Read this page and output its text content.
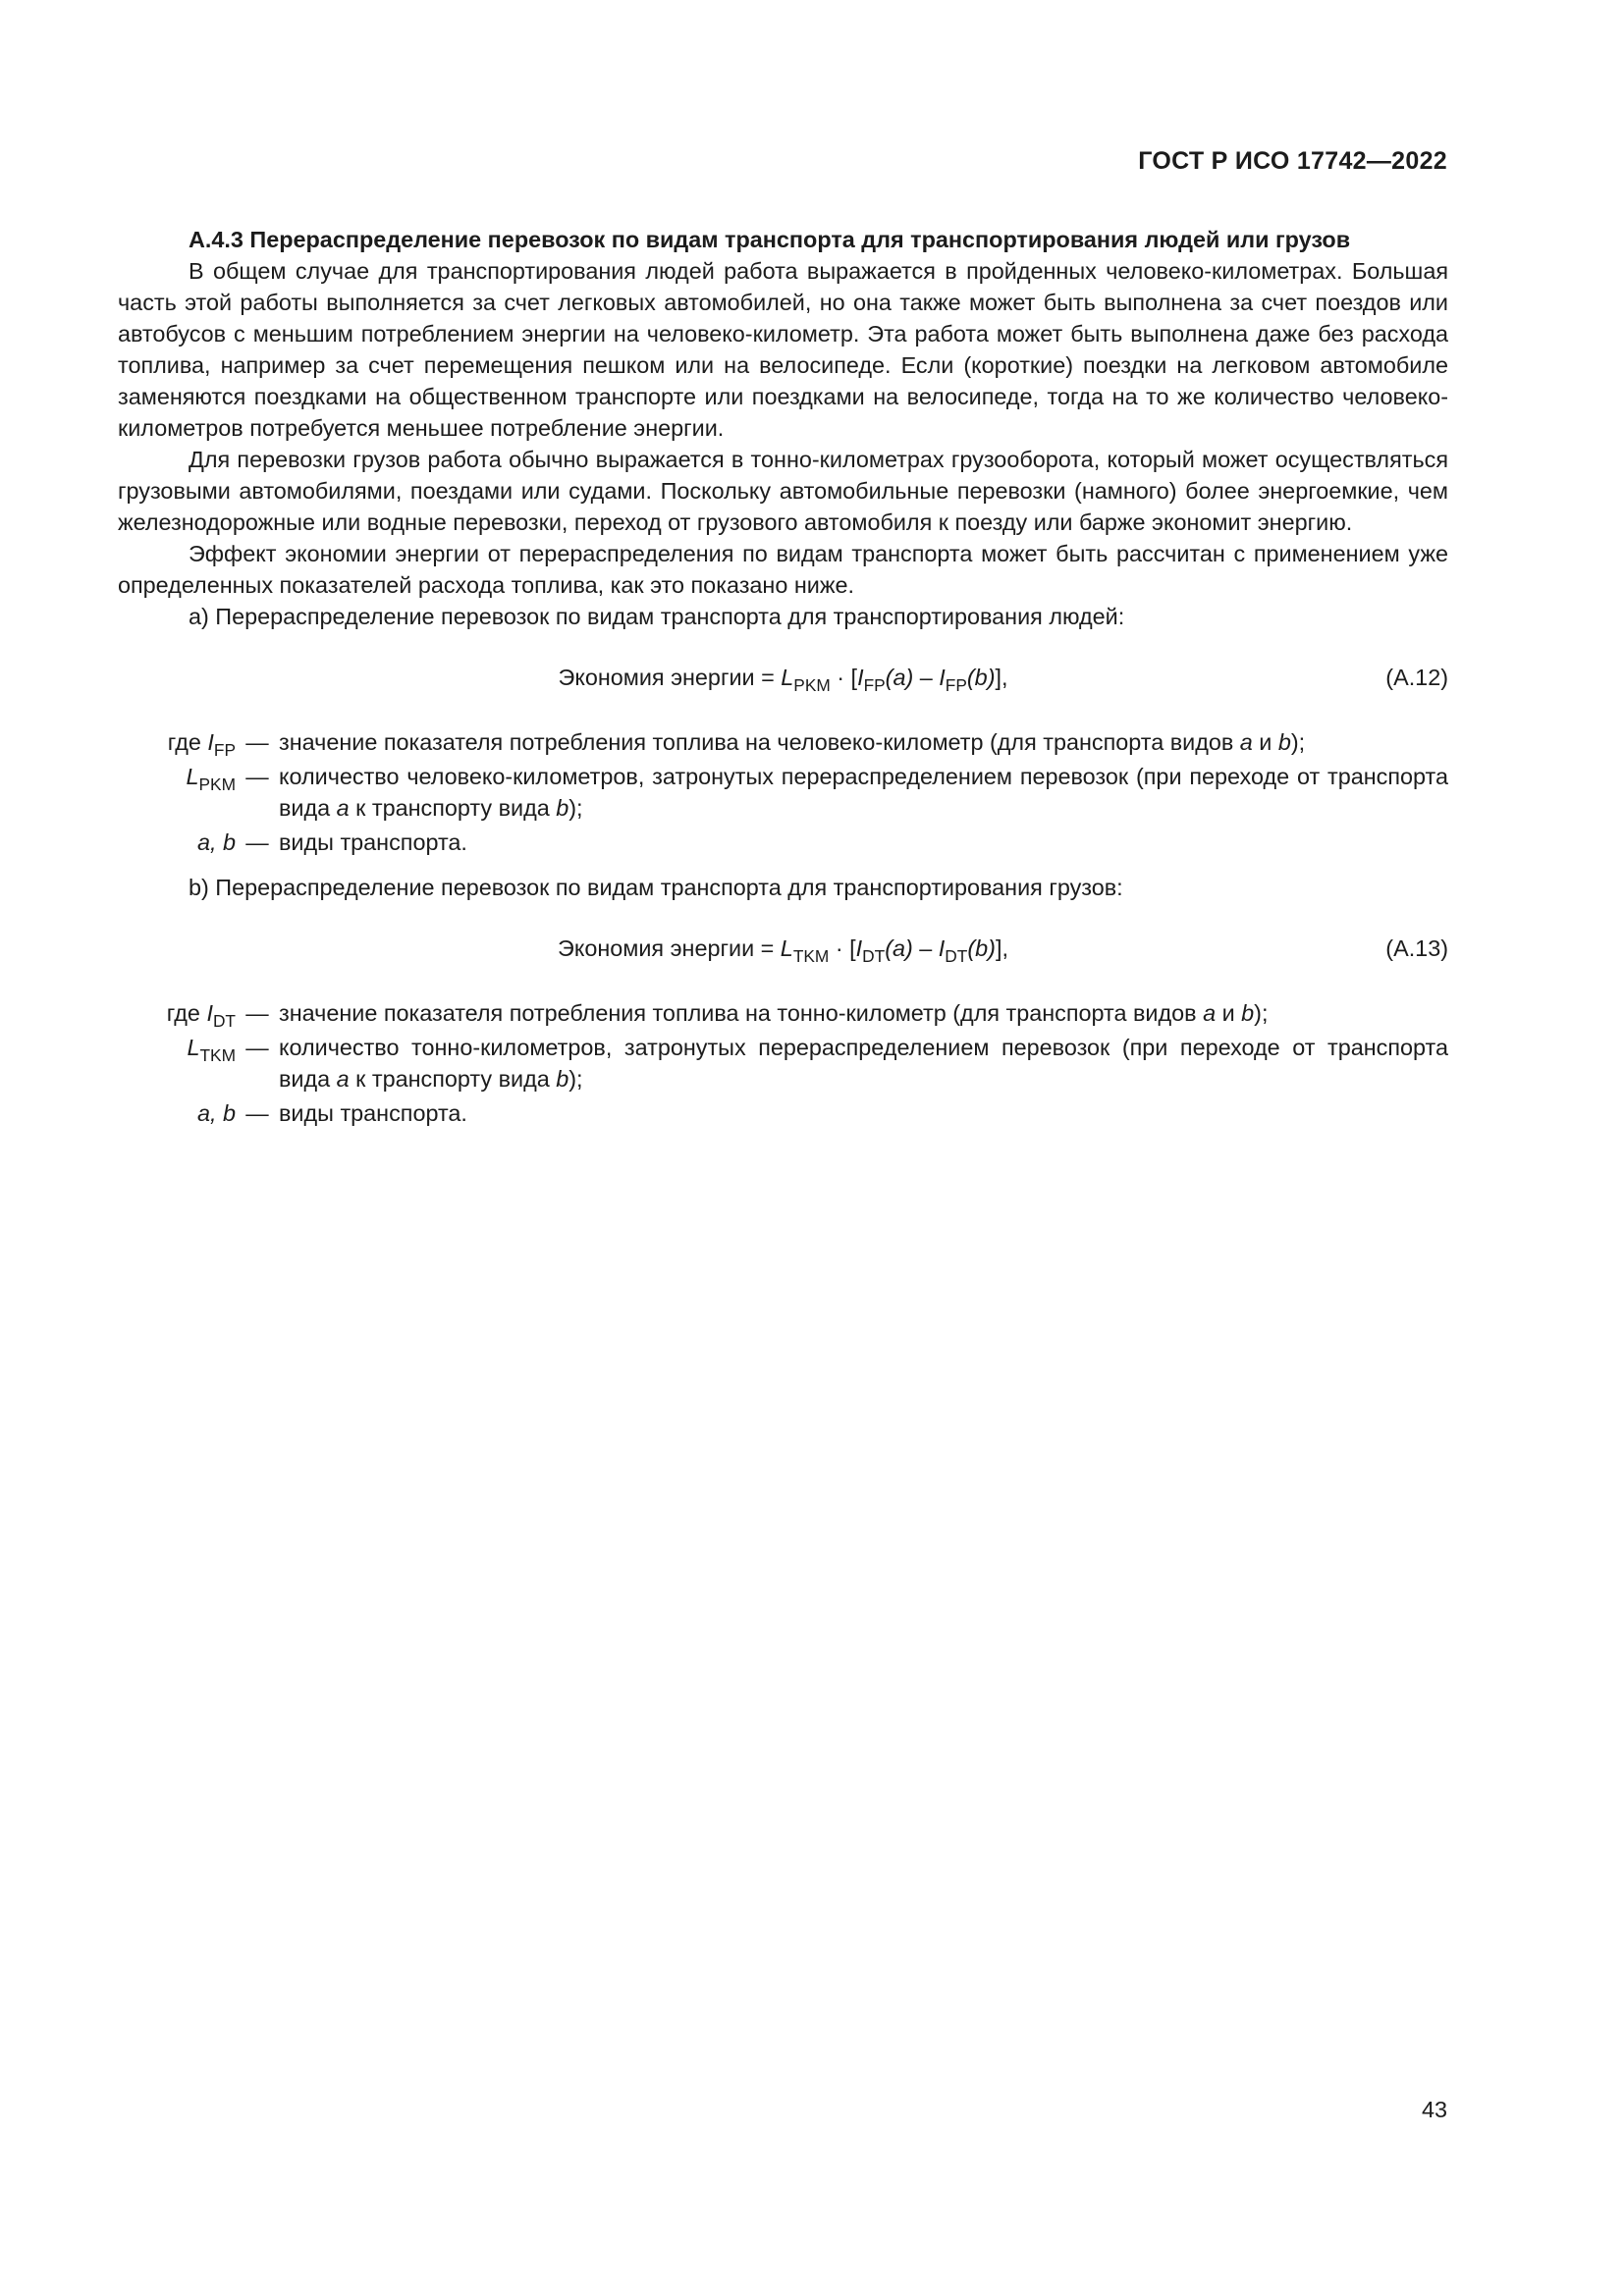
ГОСТ Р ИСО 17742—2022

А.4.3 Перераспределение перевозок по видам транспорта для транспортирования людей или грузов

В общем случае для транспортирования людей работа выражается в пройденных человеко-километрах. Большая часть этой работы выполняется за счет легковых автомобилей, но она также может быть выполнена за счет поездов или автобусов с меньшим потреблением энергии на человеко-километр. Эта работа может быть выполнена даже без расхода топлива, например за счет перемещения пешком или на велосипеде. Если (короткие) поездки на легковом автомобиле заменяются поездками на общественном транспорте или поездками на велосипеде, тогда на то же количество человеко-километров потребуется меньшее потребление энергии.

Для перевозки грузов работа обычно выражается в тонно-километрах грузооборота, который может осуществляться грузовыми автомобилями, поездами или судами. Поскольку автомобильные перевозки (намного) более энергоемкие, чем железнодорожные или водные перевозки, переход от грузового автомобиля к поезду или барже экономит энергию.

Эффект экономии энергии от перераспределения по видам транспорта может быть рассчитан с применением уже определенных показателей расхода топлива, как это показано ниже.

a) Перераспределение перевозок по видам транспорта для транспортирования людей:

Экономия энергии = $L_{PKM} \cdot [I_{FP}(a) - I_{FP}(b)]$,	(А.12)
где $I_{FP}$ — значение показателя потребления топлива на человеко-километр (для транспорта видов a и b);
$L_{PKM}$ — количество человеко-километров, затронутых перераспределением перевозок (при переходе от транспорта вида a к транспорту вида b);
a, b — виды транспорта.

b) Перераспределение перевозок по видам транспорта для транспортирования грузов:

Экономия энергии = $L_{TKM} \cdot [I_{DT}(a) - I_{DT}(b)]$,	(А.13)
где $I_{DT}$ — значение показателя потребления топлива на тонно-километр (для транспорта видов a и b);
$L_{TKM}$ — количество тонно-километров, затронутых перераспределением перевозок (при переходе от транспорта вида a к транспорту вида b);
a, b — виды транспорта.
43
